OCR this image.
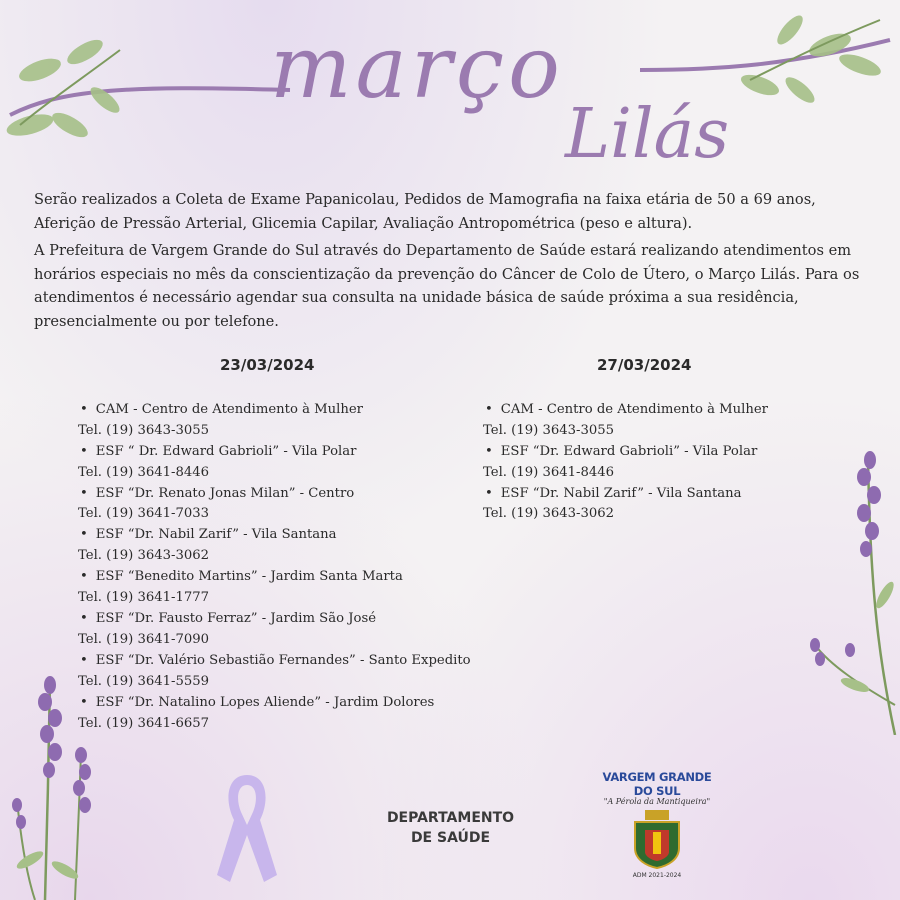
março
Lilás

Serão realizados a Coleta de Exame Papanicolau, Pedidos de Mamografia na faixa etária de 50 a 69 anos, Aferição de Pressão Arterial, Glicemia Capilar, Avaliação Antropométrica (peso e altura).

A Prefeitura de Vargem Grande do Sul através do Departamento de Saúde estará realizando atendimentos em horários especiais no mês da conscientização da prevenção do Câncer de Colo de Útero, o Março Lilás. Para os atendimentos é necessário agendar sua consulta na unidade básica de saúde próxima a sua residência, presencialmente ou por telefone.

23/03/2024
• CAM - Centro de Atendimento à Mulher
Tel. (19) 3643-3055
• ESF “ Dr. Edward Gabrioli” - Vila Polar
Tel. (19) 3641-8446
• ESF “Dr. Renato Jonas Milan” - Centro
Tel. (19) 3641-7033
• ESF “Dr. Nabil Zarif” - Vila Santana
Tel. (19) 3643-3062
• ESF “Benedito Martins” - Jardim Santa Marta
Tel. (19) 3641-1777
• ESF “Dr. Fausto Ferraz” - Jardim São José
Tel. (19) 3641-7090
• ESF “Dr. Valério Sebastião Fernandes” - Santo Expedito
Tel. (19) 3641-5559
• ESF “Dr. Natalino Lopes Aliende” - Jardim Dolores
Tel. (19) 3641-6657
27/03/2024
• CAM - Centro de Atendimento à Mulher
Tel. (19) 3643-3055
• ESF “Dr. Edward Gabrioli” - Vila Polar
Tel. (19) 3641-8446
• ESF “Dr. Nabil Zarif” - Vila Santana
Tel. (19) 3643-3062
DEPARTAMENTO
DE SAÚDE
VARGEM GRANDE DO SUL
"A Pérola da Mantiqueira"
ADM 2021-2024
